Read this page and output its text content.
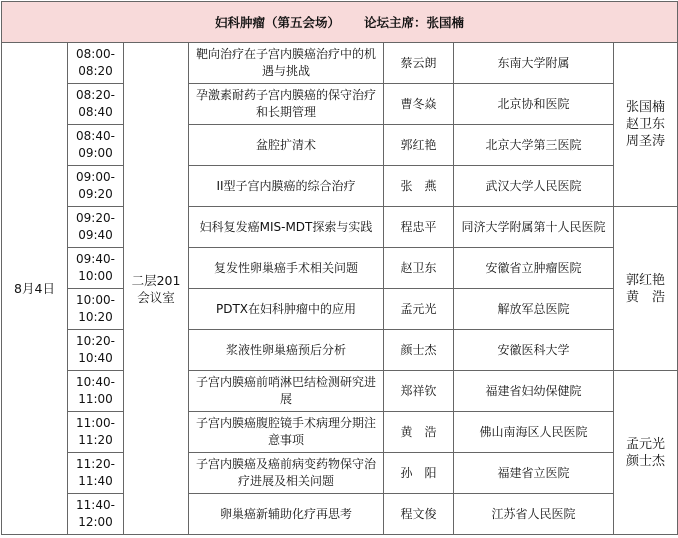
妇科肿瘤（第五会场） 论坛主席：张国楠						
8月4日	08:00-
08:20	二层201会议室	靶向治疗在子宫内膜癌治疗中的机遇与挑战	蔡云朗	东南大学附属	张国楠
赵卫东
周圣涛
	08:20-
08:40		孕激素耐药子宫内膜癌的保守治疗和长期管理	曹冬焱	北京协和医院	
	08:40-
09:00		盆腔扩清术	郭红艳	北京大学第三医院	
	09:00-
09:20		II型子宫内膜癌的综合治疗	张　燕	武汉大学人民医院	
	09:20-
09:40		妇科复发癌MIS-MDT探索与实践	程忠平	同济大学附属第十人民医院	郭红艳
黄　浩
	09:40-
10:00		复发性卵巢癌手术相关问题	赵卫东	安徽省立肿瘤医院	
	10:00-
10:20		PDTX在妇科肿瘤中的应用	孟元光	解放军总医院	
	10:20-
10:40		浆液性卵巢癌预后分析	颜士杰	安徽医科大学	
	10:40-
11:00		子宫内膜癌前哨淋巴结检测研究进展	郑祥钦	福建省妇幼保健院	孟元光
颜士杰
	11:00-
11:20		子宫内膜癌腹腔镜手术病理分期注意事项	黄　浩	佛山南海区人民医院	
	11:20-
11:40		子宫内膜癌及癌前病变药物保守治疗进展及相关问题	孙　阳	福建省立医院	
	11:40-
12:00		卵巢癌新辅助化疗再思考	程文俊	江苏省人民医院	
